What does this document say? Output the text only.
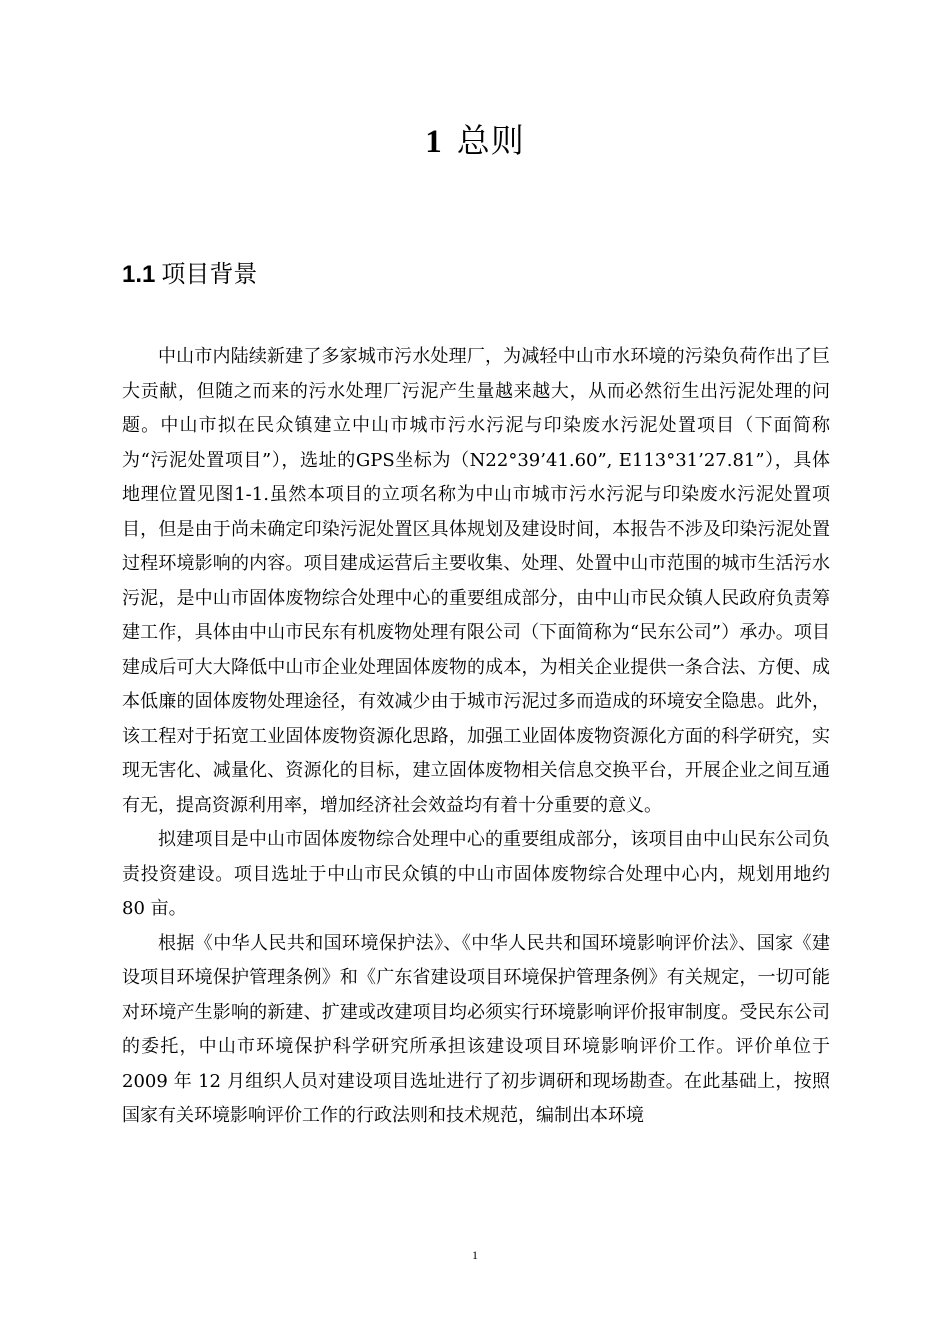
1 总则
1.1 项目背景

中山市内陆续新建了多家城市污水处理厂，为减轻中山市水环境的污染负荷作出了巨大贡献，但随之而来的污水处理厂污泥产生量越来越大，从而必然衍生出污泥处理的问题。中山市拟在民众镇建立中山市城市污水污泥与印染废水污泥处置项目（下面简称为“污泥处置项目”），选址的GPS坐标为（N22°39’41.60”, E113°31’27.81”），具体地理位置见图1-1.虽然本项目的立项名称为中山市城市污水污泥与印染废水污泥处置项目，但是由于尚未确定印染污泥处置区具体规划及建设时间，本报告不涉及印染污泥处置过程环境影响的内容。项目建成运营后主要收集、处理、处置中山市范围的城市生活污水污泥，是中山市固体废物综合处理中心的重要组成部分，由中山市民众镇人民政府负责筹建工作，具体由中山市民东有机废物处理有限公司（下面简称为“民东公司”）承办。项目建成后可大大降低中山市企业处理固体废物的成本，为相关企业提供一条合法、方便、成本低廉的固体废物处理途径，有效减少由于城市污泥过多而造成的环境安全隐患。此外，该工程对于拓宽工业固体废物资源化思路，加强工业固体废物资源化方面的科学研究，实现无害化、减量化、资源化的目标，建立固体废物相关信息交换平台，开展企业之间互通有无，提高资源利用率，增加经济社会效益均有着十分重要的意义。

拟建项目是中山市固体废物综合处理中心的重要组成部分，该项目由中山民东公司负责投资建设。项目选址于中山市民众镇的中山市固体废物综合处理中心内，规划用地约 80 亩。

根据《中华人民共和国环境保护法》、《中华人民共和国环境影响评价法》、国家《建设项目环境保护管理条例》和《广东省建设项目环境保护管理条例》有关规定，一切可能对环境产生影响的新建、扩建或改建项目均必须实行环境影响评价报审制度。受民东公司的委托，中山市环境保护科学研究所承担该建设项目环境影响评价工作。评价单位于 2009 年 12 月组织人员对建设项目选址进行了初步调研和现场勘查。在此基础上，按照国家有关环境影响评价工作的行政法则和技术规范，编制出本环境

1
